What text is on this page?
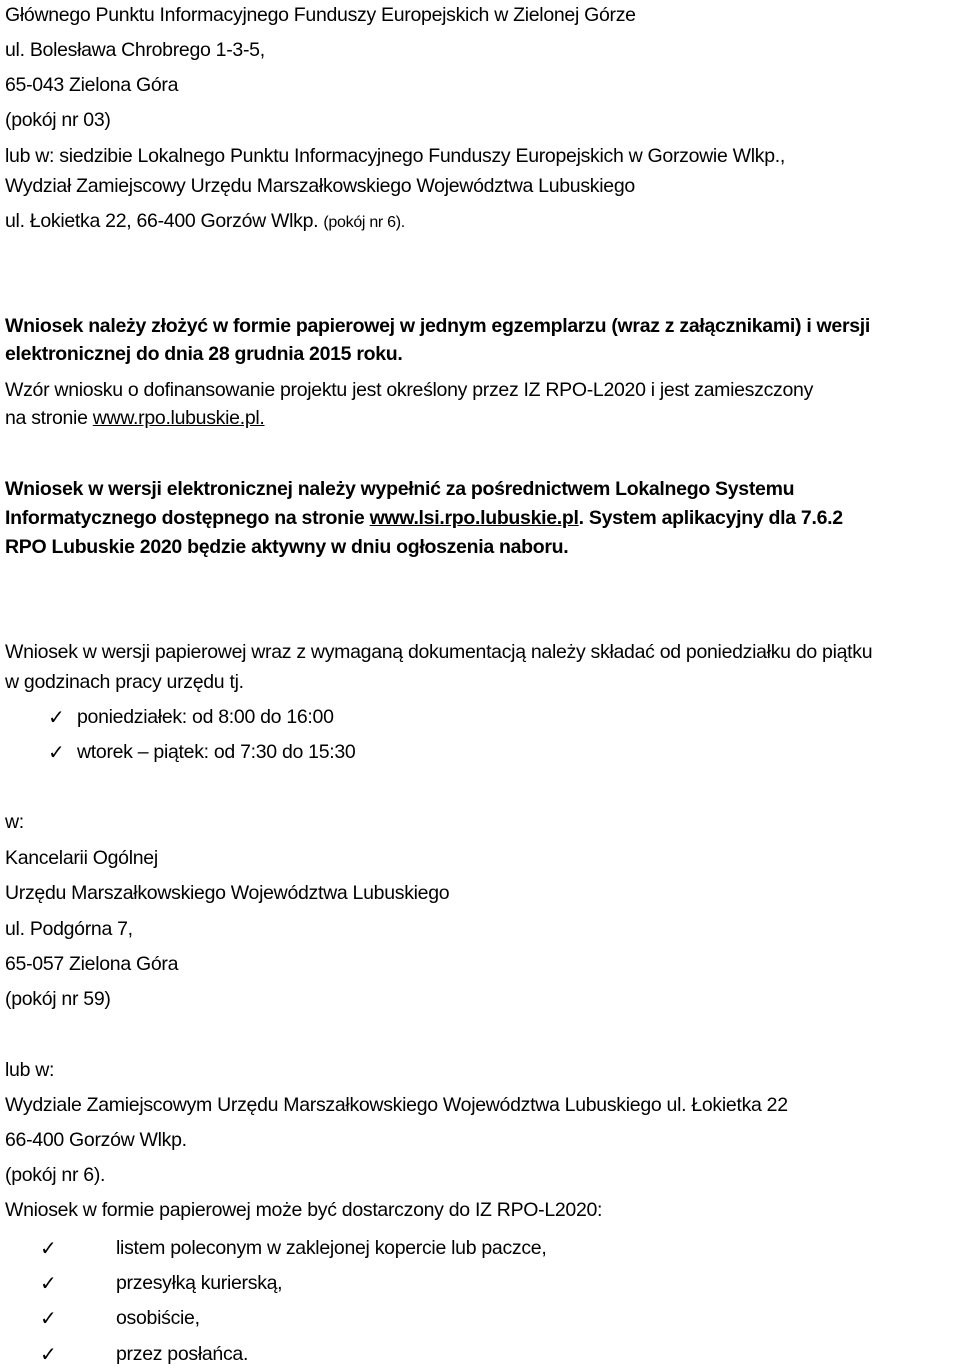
Głównego Punktu Informacyjnego Funduszy Europejskich w Zielonej Górze
ul. Bolesława Chrobrego 1-3-5,
65-043 Zielona Góra
(pokój nr 03)
lub w: siedzibie Lokalnego Punktu Informacyjnego Funduszy Europejskich w Gorzowie Wlkp.,
Wydział Zamiejscowy Urzędu Marszałkowskiego Województwa Lubuskiego
ul. Łokietka 22, 66-400 Gorzów Wlkp. (pokój nr 6).
Wniosek należy złożyć w formie papierowej w jednym egzemplarzu (wraz z załącznikami) i wersji
elektronicznej do dnia 28 grudnia 2015 roku.
Wzór wniosku o dofinansowanie projektu jest określony przez IZ RPO-L2020 i jest zamieszczony
na stronie www.rpo.lubuskie.pl.
Wniosek w wersji elektronicznej należy wypełnić za pośrednictwem Lokalnego Systemu
Informatycznego dostępnego na stronie www.lsi.rpo.lubuskie.pl. System aplikacyjny dla 7.6.2
RPO Lubuskie 2020 będzie aktywny w dniu ogłoszenia naboru.
Wniosek w wersji papierowej wraz z wymaganą dokumentacją należy składać od poniedziałku do piątku
w godzinach pracy urzędu tj.
✓ poniedziałek: od 8:00 do 16:00
✓ wtorek – piątek: od 7:30 do 15:30
w:
Kancelarii Ogólnej
Urzędu Marszałkowskiego Województwa Lubuskiego
ul. Podgórna 7,
65-057 Zielona Góra
(pokój nr 59)
lub w:
Wydziale Zamiejscowym Urzędu Marszałkowskiego Województwa Lubuskiego ul. Łokietka 22
66-400 Gorzów Wlkp.
(pokój nr 6).
Wniosek w formie papierowej może być dostarczony do IZ RPO-L2020:
✓	listem poleconym w zaklejonej kopercie lub paczce,
✓	przesyłką kurierską,
✓	osobiście,
✓	przez posłańca.
